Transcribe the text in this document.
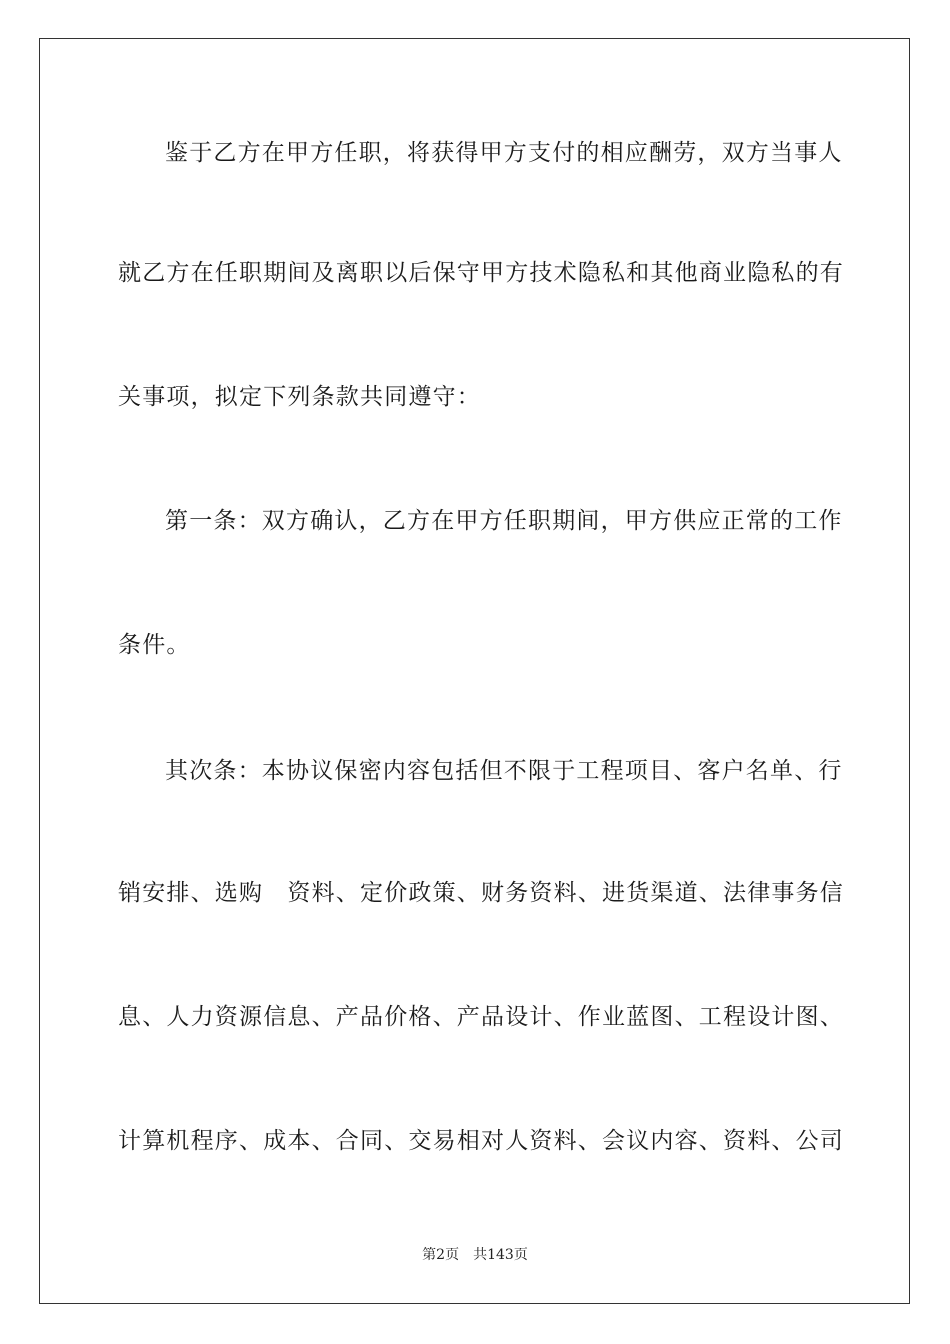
鉴于乙方在甲方任职，将获得甲方支付的相应酬劳，双方当事人
就乙方在任职期间及离职以后保守甲方技术隐私和其他商业隐私的有
关事项，拟定下列条款共同遵守：
第一条：双方确认，乙方在甲方任职期间，甲方供应正常的工作
条件。
其次条：本协议保密内容包括但不限于工程项目、客户名单、行
销安排、选购　资料、定价政策、财务资料、进货渠道、法律事务信
息、人力资源信息、产品价格、产品设计、作业蓝图、工程设计图、
计算机程序、成本、合同、交易相对人资料、会议内容、资料、公司
第2页 共143页
